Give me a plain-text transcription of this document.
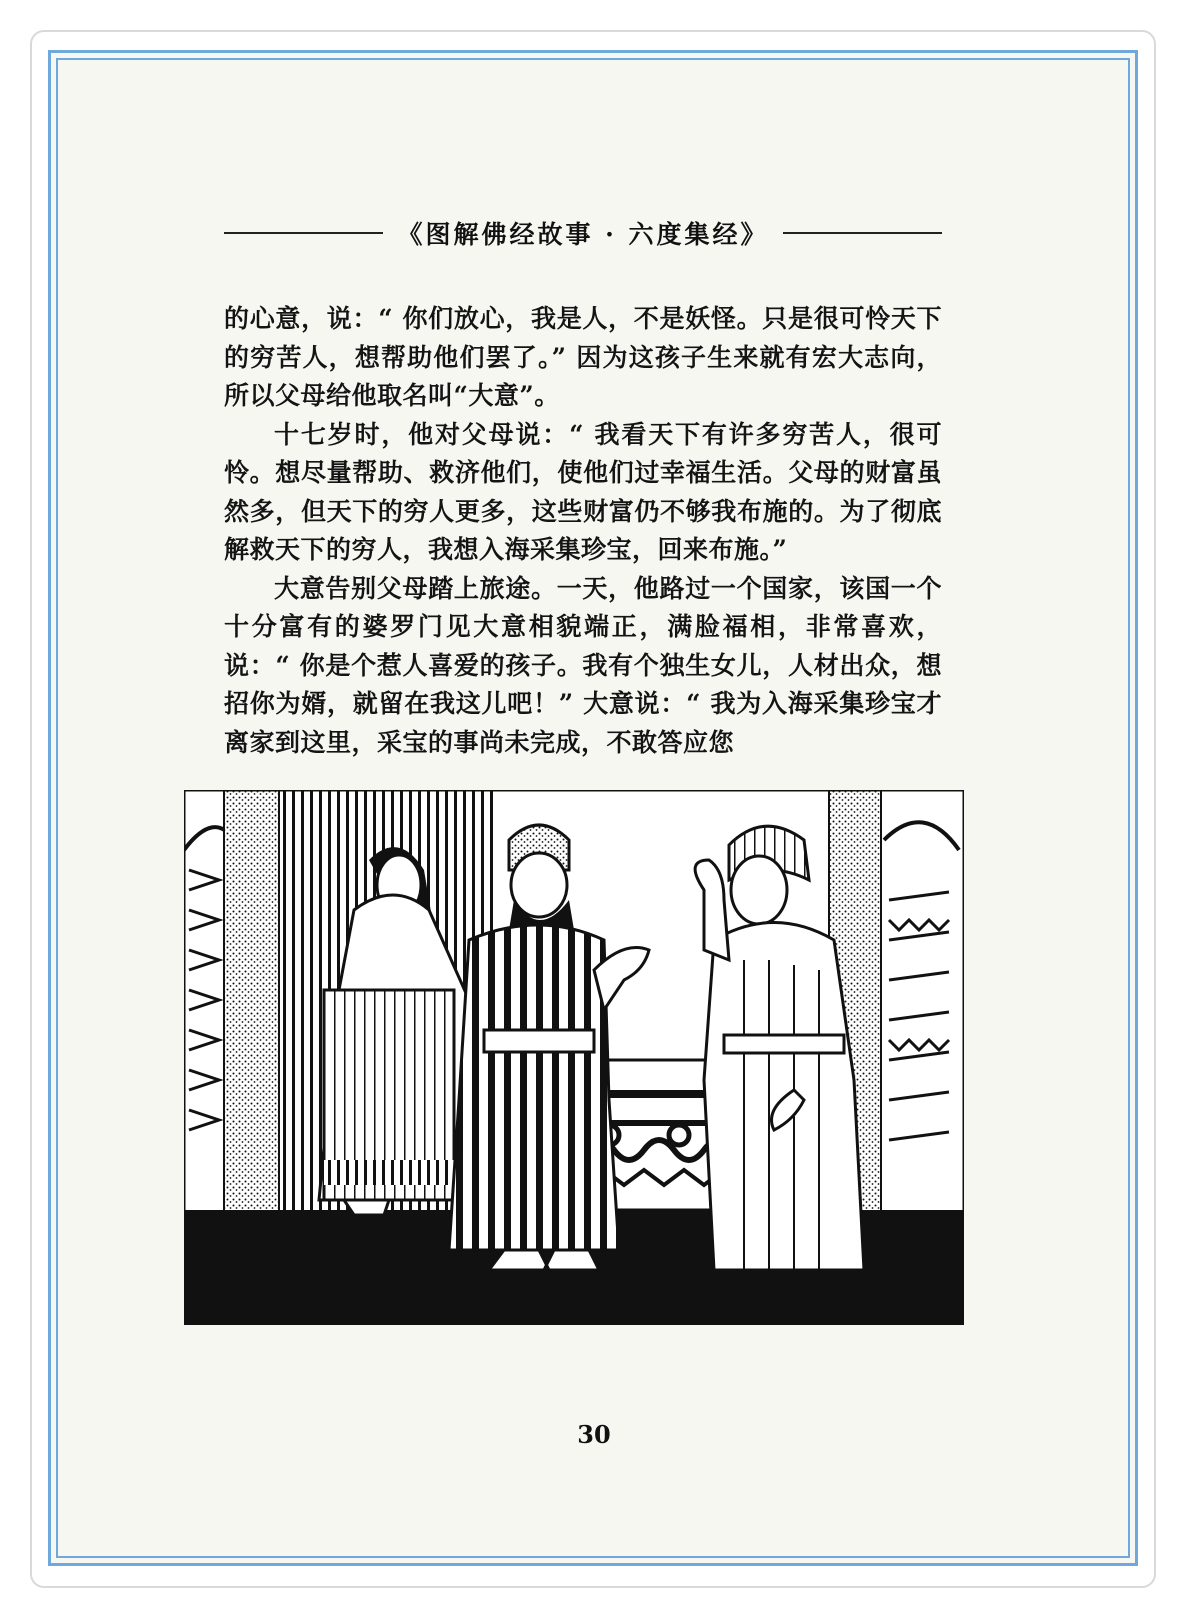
《图解佛经故事 · 六度集经》

的心意，说：“ 你们放心，我是人，不是妖怪。只是很可怜天下的穷苦人，想帮助他们罢了。” 因为这孩子生来就有宏大志向，所以父母给他取名叫“大意”。

十七岁时，他对父母说：“ 我看天下有许多穷苦人，很可怜。想尽量帮助、救济他们，使他们过幸福生活。父母的财富虽然多，但天下的穷人更多，这些财富仍不够我布施的。为了彻底解救天下的穷人，我想入海采集珍宝，回来布施。”

大意告别父母踏上旅途。一天，他路过一个国家，该国一个十分富有的婆罗门见大意相貌端正，满脸福相，非常喜欢，说：“ 你是个惹人喜爱的孩子。我有个独生女儿，人材出众，想招你为婿，就留在我这儿吧！” 大意说：“ 我为入海采集珍宝才离家到这里，采宝的事尚未完成，不敢答应您

30
